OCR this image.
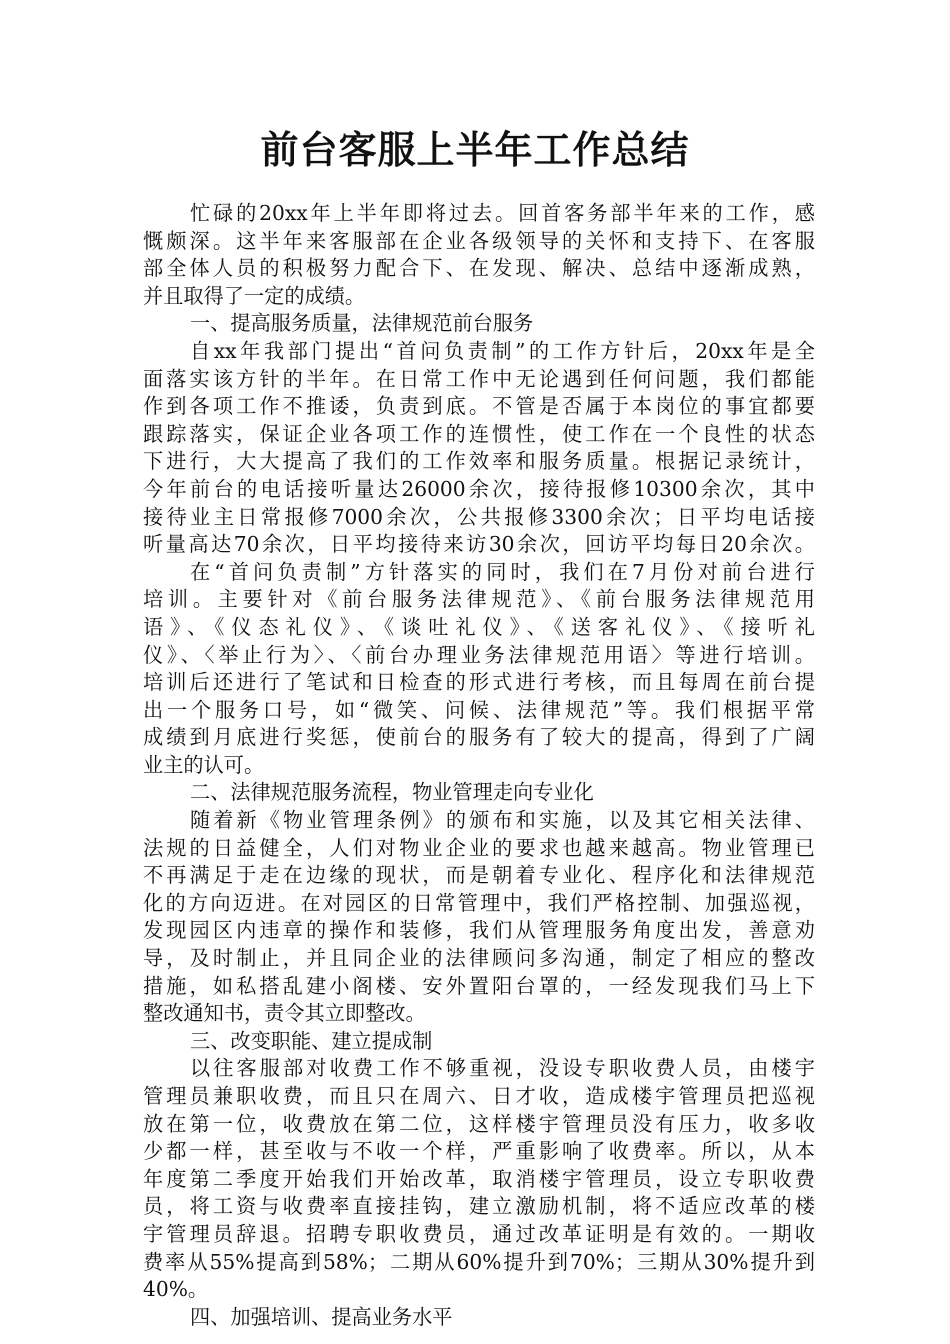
前台客服上半年工作总结
忙碌的20xx年上半年即将过去。回首客务部半年来的工作，感
慨颇深。这半年来客服部在企业各级领导的关怀和支持下、在客服
部全体人员的积极努力配合下、在发现、解决、总结中逐渐成熟，
并且取得了一定的成绩。
一、提高服务质量，法律规范前台服务
自xx年我部门提出“首问负责制”的工作方针后，20xx年是全
面落实该方针的半年。在日常工作中无论遇到任何问题，我们都能
作到各项工作不推诿，负责到底。不管是否属于本岗位的事宜都要
跟踪落实，保证企业各项工作的连惯性，使工作在一个良性的状态
下进行，大大提高了我们的工作效率和服务质量。根据记录统计，
今年前台的电话接听量达26000余次，接待报修10300余次，其中
接待业主日常报修7000余次，公共报修3300余次；日平均电话接
听量高达70余次，日平均接待来访30余次，回访平均每日20余次。
在“首问负责制”方针落实的同时，我们在7月份对前台进行
培训。主要针对《前台服务法律规范》、《前台服务法律规范用
语》、《仪态礼仪》、《谈吐礼仪》、《送客礼仪》、《接听礼
仪》、〈举止行为〉、〈前台办理业务法律规范用语〉等进行培训。
培训后还进行了笔试和日检查的形式进行考核，而且每周在前台提
出一个服务口号，如“微笑、问候、法律规范”等。我们根据平常
成绩到月底进行奖惩，使前台的服务有了较大的提高，得到了广阔
业主的认可。
二、法律规范服务流程，物业管理走向专业化
随着新《物业管理条例》的颁布和实施，以及其它相关法律、
法规的日益健全，人们对物业企业的要求也越来越高。物业管理已
不再满足于走在边缘的现状，而是朝着专业化、程序化和法律规范
化的方向迈进。在对园区的日常管理中，我们严格控制、加强巡视，
发现园区内违章的操作和装修，我们从管理服务角度出发，善意劝
导，及时制止，并且同企业的法律顾问多沟通，制定了相应的整改
措施，如私搭乱建小阁楼、安外置阳台罩的，一经发现我们马上下
整改通知书，责令其立即整改。
三、改变职能、建立提成制
以往客服部对收费工作不够重视，没设专职收费人员，由楼宇
管理员兼职收费，而且只在周六、日才收，造成楼宇管理员把巡视
放在第一位，收费放在第二位，这样楼宇管理员没有压力，收多收
少都一样，甚至收与不收一个样，严重影响了收费率。所以，从本
年度第二季度开始我们开始改革，取消楼宇管理员，设立专职收费
员，将工资与收费率直接挂钩，建立激励机制，将不适应改革的楼
宇管理员辞退。招聘专职收费员，通过改革证明是有效的。一期收
费率从55%提高到58%；二期从60%提升到70%；三期从30%提升到
40%。
四、加强培训、提高业务水平
